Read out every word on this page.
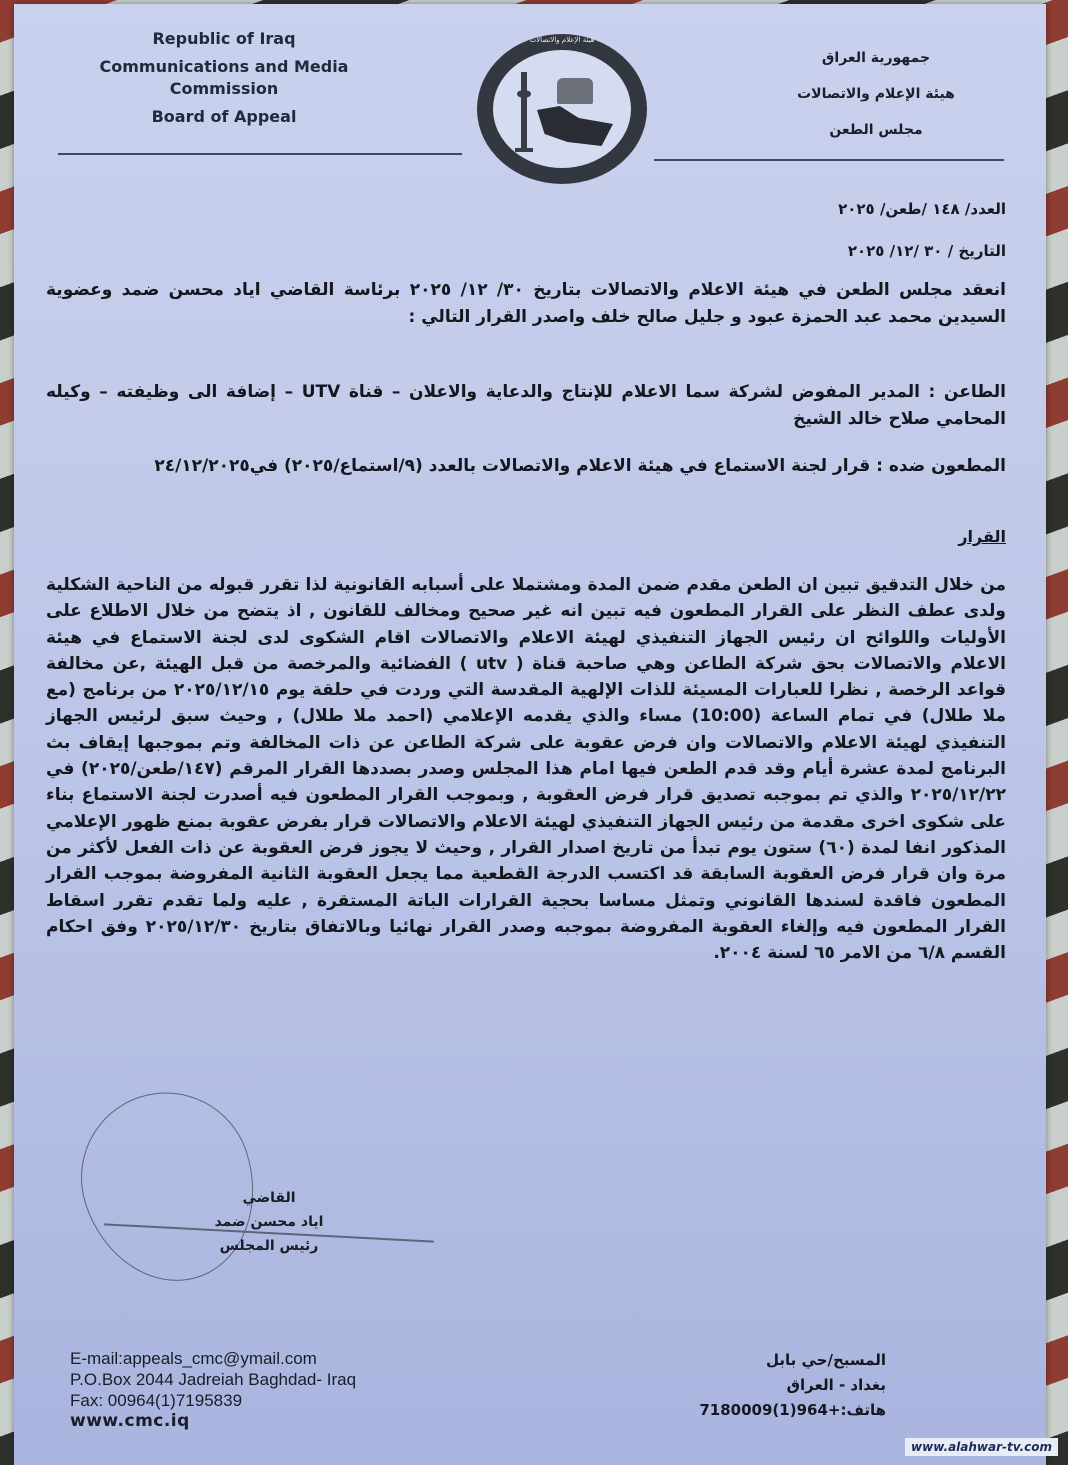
Republic of Iraq
Communications and Media
Commission
Board of Appeal
هيئة الإعلام والاتصالات
جمهورية العراق
هيئة الإعلام والاتصالات
مجلس الطعن
العدد/ ١٤٨ /طعن/ ٢٠٢٥
التاريخ / ٣٠ /١٢/ ٢٠٢٥

انعقد مجلس الطعن في هيئة الاعلام والاتصالات بتاريخ ٣٠/ ١٢/ ٢٠٢٥ برئاسة القاضي اياد محسن ضمد وعضوية السيدين محمد عبد الحمزة عبود و جليل صالح خلف واصدر القرار التالي :

الطاعن : المدير المفوض لشركة سما الاعلام للإنتاج والدعاية والاعلان – قناة UTV – إضافة الى وظيفته – وكيله المحامي صلاح خالد الشيخ

المطعون ضده : قرار لجنة الاستماع في هيئة الاعلام والاتصالات بالعدد (٩/استماع/٢٠٢٥) في٢٤/١٢/٢٠٢٥

القرار

من خلال التدقيق تبين ان الطعن مقدم ضمن المدة ومشتملا على أسبابه القانونية لذا تقرر قبوله من الناحية الشكلية ولدى عطف النظر على القرار المطعون فيه تبين انه غير صحيح ومخالف للقانون , اذ يتضح من خلال الاطلاع على الأوليات واللوائح ان رئيس الجهاز التنفيذي لهيئة الاعلام والاتصالات اقام الشكوى لدى لجنة الاستماع في هيئة الاعلام والاتصالات بحق شركة الطاعن وهي صاحبة قناة ( utv ) الفضائية والمرخصة من قبل الهيئة ,عن مخالفة قواعد الرخصة , نظرا للعبارات المسيئة للذات الإلهية المقدسة التي وردت في حلقة يوم ٢٠٢٥/١٢/١٥ من برنامج (مع ملا طلال) في تمام الساعة (10:00) مساء والذي يقدمه الإعلامي (احمد ملا طلال) , وحيث سبق لرئيس الجهاز التنفيذي لهيئة الاعلام والاتصالات وان فرض عقوبة على شركة الطاعن عن ذات المخالفة وتم بموجبها إيقاف بث البرنامج لمدة عشرة أيام وقد قدم الطعن فيها امام هذا المجلس وصدر بصددها القرار المرقم (١٤٧/طعن/٢٠٢٥) في ٢٠٢٥/١٢/٢٢ والذي تم بموجبه تصديق قرار فرض العقوبة , وبموجب القرار المطعون فيه أصدرت لجنة الاستماع بناء على شكوى اخرى مقدمة من رئيس الجهاز التنفيذي لهيئة الاعلام والاتصالات قرار بفرض عقوبة بمنع ظهور الإعلامي المذكور انفا لمدة (٦٠) ستون يوم تبدأ من تاريخ اصدار القرار , وحيث لا يجوز فرض العقوبة عن ذات الفعل لأكثر من مرة وان قرار فرض العقوبة السابقة قد اكتسب الدرجة القطعية مما يجعل العقوبة الثانية المفروضة بموجب القرار المطعون فاقدة لسندها القانوني وتمثل مساسا بحجية القرارات الباتة المستقرة , عليه ولما تقدم تقرر اسقاط القرار المطعون فيه وإلغاء العقوبة المفروضة بموجبه وصدر القرار نهائيا وبالاتفاق بتاريخ ٢٠٢٥/١٢/٣٠ وفق احكام القسم ٦/٨ من الامر ٦٥ لسنة ٢٠٠٤.

القاضي
اياد محسن ضمد
رئيس المجلس
E-mail:appeals_cmc@ymail.com
P.O.Box 2044 Jadreiah Baghdad- Iraq
Fax: 00964(1)7195839
www.cmc.iq
المسبح/حي بابل
بغداد - العراق
هاتف:+964(1)7180009
www.alahwar-tv.com
